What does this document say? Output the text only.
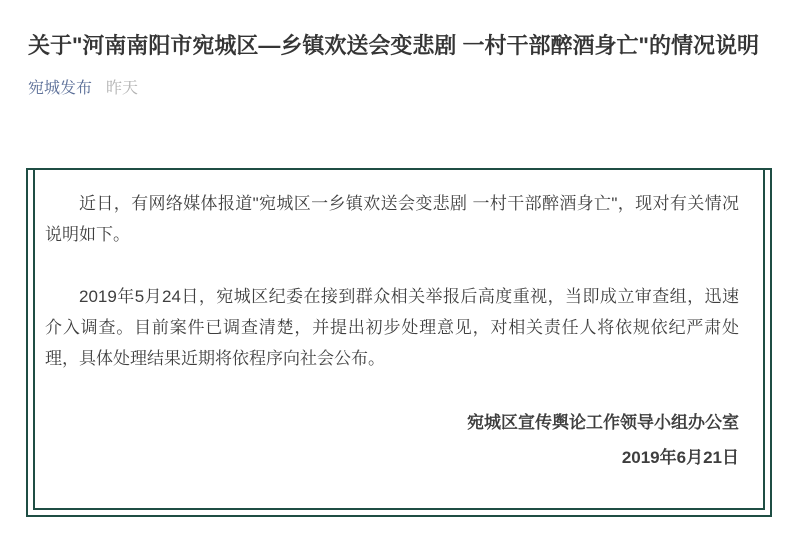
关于"河南南阳市宛城区—乡镇欢送会变悲剧 一村干部醉酒身亡"的情况说明
宛城发布 昨天

近日，有网络媒体报道"宛城区一乡镇欢送会变悲剧 一村干部醉酒身亡"，现对有关情况说明如下。

2019年5月24日，宛城区纪委在接到群众相关举报后高度重视，当即成立审查组，迅速介入调查。目前案件已调查清楚，并提出初步处理意见，对相关责任人将依规依纪严肃处理，具体处理结果近期将依程序向社会公布。

宛城区宣传舆论工作领导小组办公室
2019年6月21日
